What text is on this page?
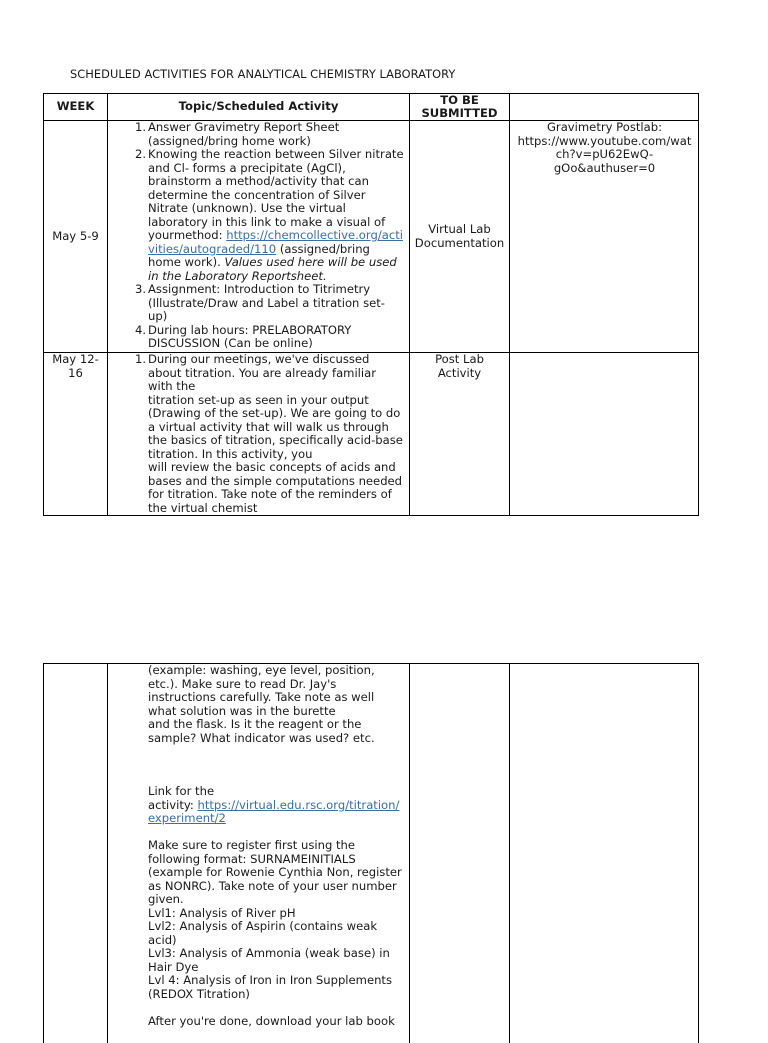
SCHEDULED ACTIVITIES FOR ANALYTICAL CHEMISTRY LABORATORY
WEEK	Topic/Scheduled Activity	TO BE SUBMITTED
May 5-9
1. Answer Gravimetry Report Sheet
(assigned/bring home work)
2. Knowing the reaction between Silver nitrate
and Cl- forms a precipitate (AgCl),
brainstorm a method/activity that can
determine the concentration of Silver
Nitrate (unknown). Use the virtual
laboratory in this link to make a visual of
yourmethod: https://chemcollective.org/acti
vities/autograded/110 (assigned/bring
home work). Values used here will be used
in the Laboratory Reportsheet.
3. Assignment: Introduction to Titrimetry
(Illustrate/Draw and Label a titration set-
up)
4. During lab hours: PRELABORATORY
DISCUSSION (Can be online)
Virtual Lab Documentation
Gravimetry Postlab:
https://www.youtube.com/wat
ch?v=pU62EwQ-
gOo&authuser=0
May 12-
16
1. During our meetings, we've discussed
about titration. You are already familiar
with the
titration set-up as seen in your output
(Drawing of the set-up). We are going to do
a virtual activity that will walk us through
the basics of titration, specifically acid-base
titration. In this activity, you
will review the basic concepts of acids and
bases and the simple computations needed
for titration. Take note of the reminders of
the virtual chemist
Post Lab
Activity
(example: washing, eye level, position,
etc.). Make sure to read Dr. Jay's
instructions carefully. Take note as well
what solution was in the burette
and the flask. Is it the reagent or the
sample? What indicator was used? etc.
Link for the
activity: https://virtual.edu.rsc.org/titration/
experiment/2
Make sure to register first using the
following format: SURNAMEINITIALS
(example for Rowenie Cynthia Non, register
as NONRC). Take note of your user number
given.
Lvl1: Analysis of River pH
Lvl2: Analysis of Aspirin (contains weak
acid)
Lvl3: Analysis of Ammonia (weak base) in
Hair Dye
Lvl 4: Analysis of Iron in Iron Supplements
(REDOX Titration)
After you're done, download your lab book
